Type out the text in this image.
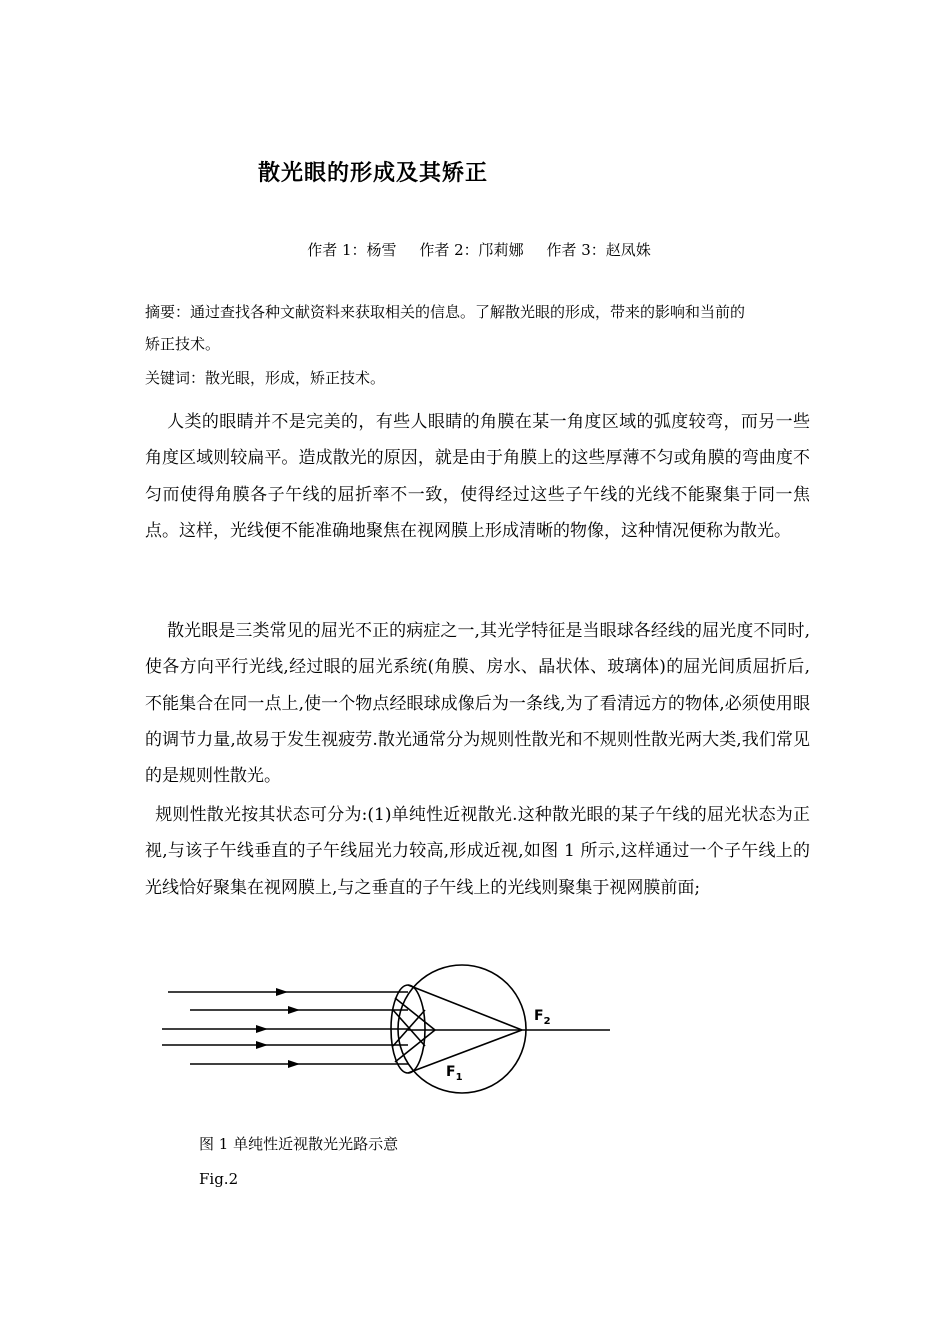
散光眼的形成及其矫正
作者 1：杨雪 作者 2：邝莉娜 作者 3：赵凤姝

摘要：通过查找各种文献资料来获取相关的信息。了解散光眼的形成，带来的影响和当前的

矫正技术。

关键词：散光眼，形成，矫正技术。

人类的眼睛并不是完美的，有些人眼睛的角膜在某一角度区域的弧度较弯，而另一些角度区域则较扁平。造成散光的原因，就是由于角膜上的这些厚薄不匀或角膜的弯曲度不匀而使得角膜各子午线的屈折率不一致，使得经过这些子午线的光线不能聚集于同一焦点。这样，光线便不能准确地聚焦在视网膜上形成清晰的物像，这种情况便称为散光。

散光眼是三类常见的屈光不正的病症之一,其光学特征是当眼球各经线的屈光度不同时,使各方向平行光线,经过眼的屈光系统(角膜、房水、晶状体、玻璃体)的屈光间质屈折后,不能集合在同一点上,使一个物点经眼球成像后为一条线,为了看清远方的物体,必须使用眼的调节力量,故易于发生视疲劳.散光通常分为规则性散光和不规则性散光两大类,我们常见的是规则性散光。

规则性散光按其状态可分为:(1)单纯性近视散光.这种散光眼的某子午线的屈光状态为正视,与该子午线垂直的子午线屈光力较高,形成近视,如图 1 所示,这样通过一个子午线上的光线恰好聚集在视网膜上,与之垂直的子午线上的光线则聚集于视网膜前面;

$F_2$
$F_1$
图 1 单纯性近视散光光路示意
Fig.2
